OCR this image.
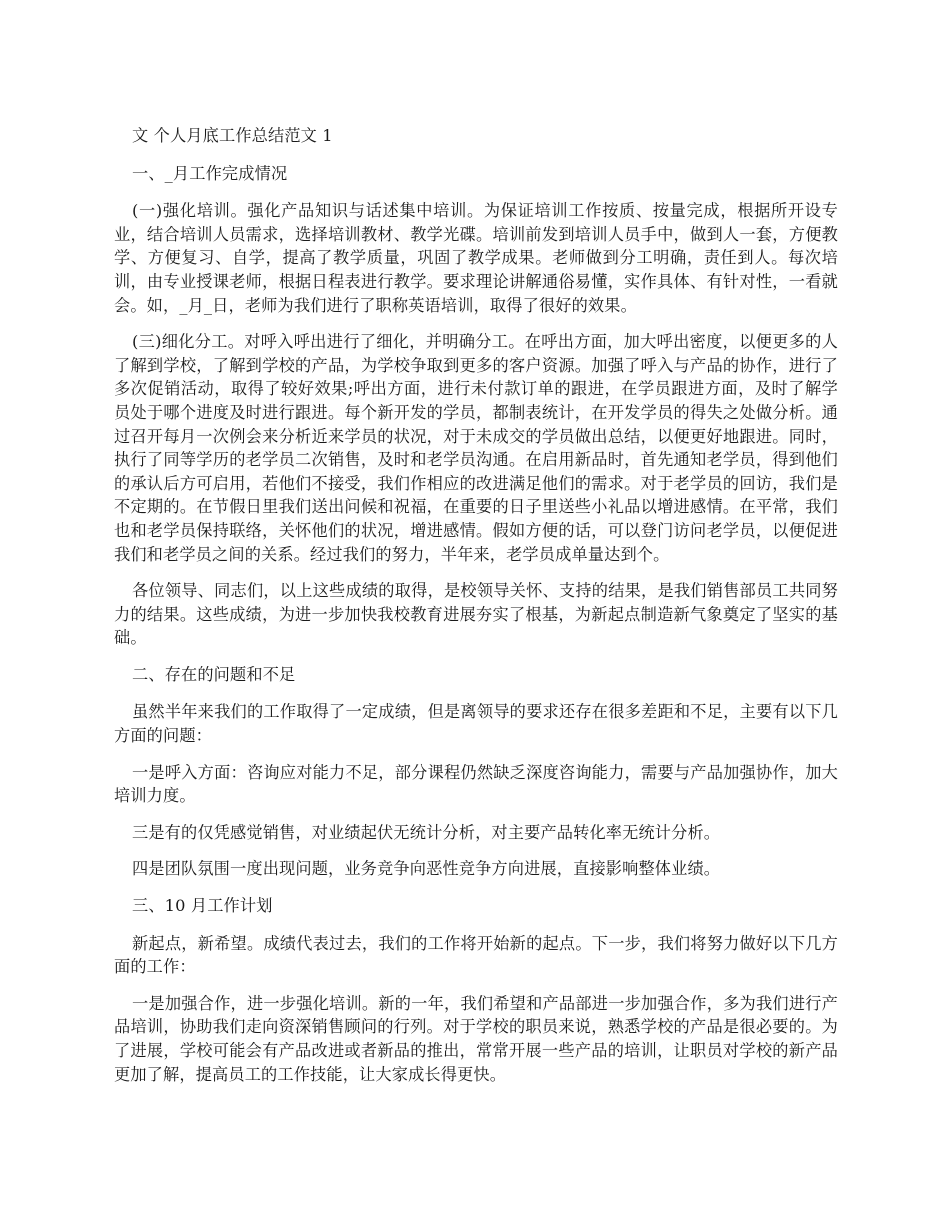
文 个人月底工作总结范文 1

一、_月工作完成情况

(一)强化培训。强化产品知识与话述集中培训。为保证培训工作按质、按量完成，根据所开设专业，结合培训人员需求，选择培训教材、教学光碟。培训前发到培训人员手中，做到人一套，方便教学、方便复习、自学，提高了教学质量，巩固了教学成果。老师做到分工明确，责任到人。每次培训，由专业授课老师，根据日程表进行教学。要求理论讲解通俗易懂，实作具体、有针对性，一看就会。如，_月_日，老师为我们进行了职称英语培训，取得了很好的效果。

(三)细化分工。对呼入呼出进行了细化，并明确分工。在呼出方面，加大呼出密度，以便更多的人了解到学校，了解到学校的产品，为学校争取到更多的客户资源。加强了呼入与产品的协作，进行了多次促销活动，取得了较好效果;呼出方面，进行未付款订单的跟进，在学员跟进方面，及时了解学员处于哪个进度及时进行跟进。每个新开发的学员，都制表统计，在开发学员的得失之处做分析。通过召开每月一次例会来分析近来学员的状况，对于未成交的学员做出总结，以便更好地跟进。同时，执行了同等学历的老学员二次销售，及时和老学员沟通。在启用新品时，首先通知老学员，得到他们的承认后方可启用，若他们不接受，我们作相应的改进满足他们的需求。对于老学员的回访，我们是不定期的。在节假日里我们送出问候和祝福，在重要的日子里送些小礼品以增进感情。在平常，我们也和老学员保持联络，关怀他们的状况，增进感情。假如方便的话，可以登门访问老学员，以便促进我们和老学员之间的关系。经过我们的努力，半年来，老学员成单量达到个。

各位领导、同志们，以上这些成绩的取得，是校领导关怀、支持的结果，是我们销售部员工共同努力的结果。这些成绩，为进一步加快我校教育进展夯实了根基，为新起点制造新气象奠定了坚实的基础。

二、存在的问题和不足

虽然半年来我们的工作取得了一定成绩，但是离领导的要求还存在很多差距和不足，主要有以下几方面的问题：

一是呼入方面：咨询应对能力不足，部分课程仍然缺乏深度咨询能力，需要与产品加强协作，加大培训力度。

三是有的仅凭感觉销售，对业绩起伏无统计分析，对主要产品转化率无统计分析。

四是团队氛围一度出现问题，业务竞争向恶性竞争方向进展，直接影响整体业绩。

三、10 月工作计划

新起点，新希望。成绩代表过去，我们的工作将开始新的起点。下一步，我们将努力做好以下几方面的工作：

一是加强合作，进一步强化培训。新的一年，我们希望和产品部进一步加强合作，多为我们进行产品培训，协助我们走向资深销售顾问的行列。对于学校的职员来说，熟悉学校的产品是很必要的。为了进展，学校可能会有产品改进或者新品的推出，常常开展一些产品的培训，让职员对学校的新产品更加了解，提高员工的工作技能，让大家成长得更快。
